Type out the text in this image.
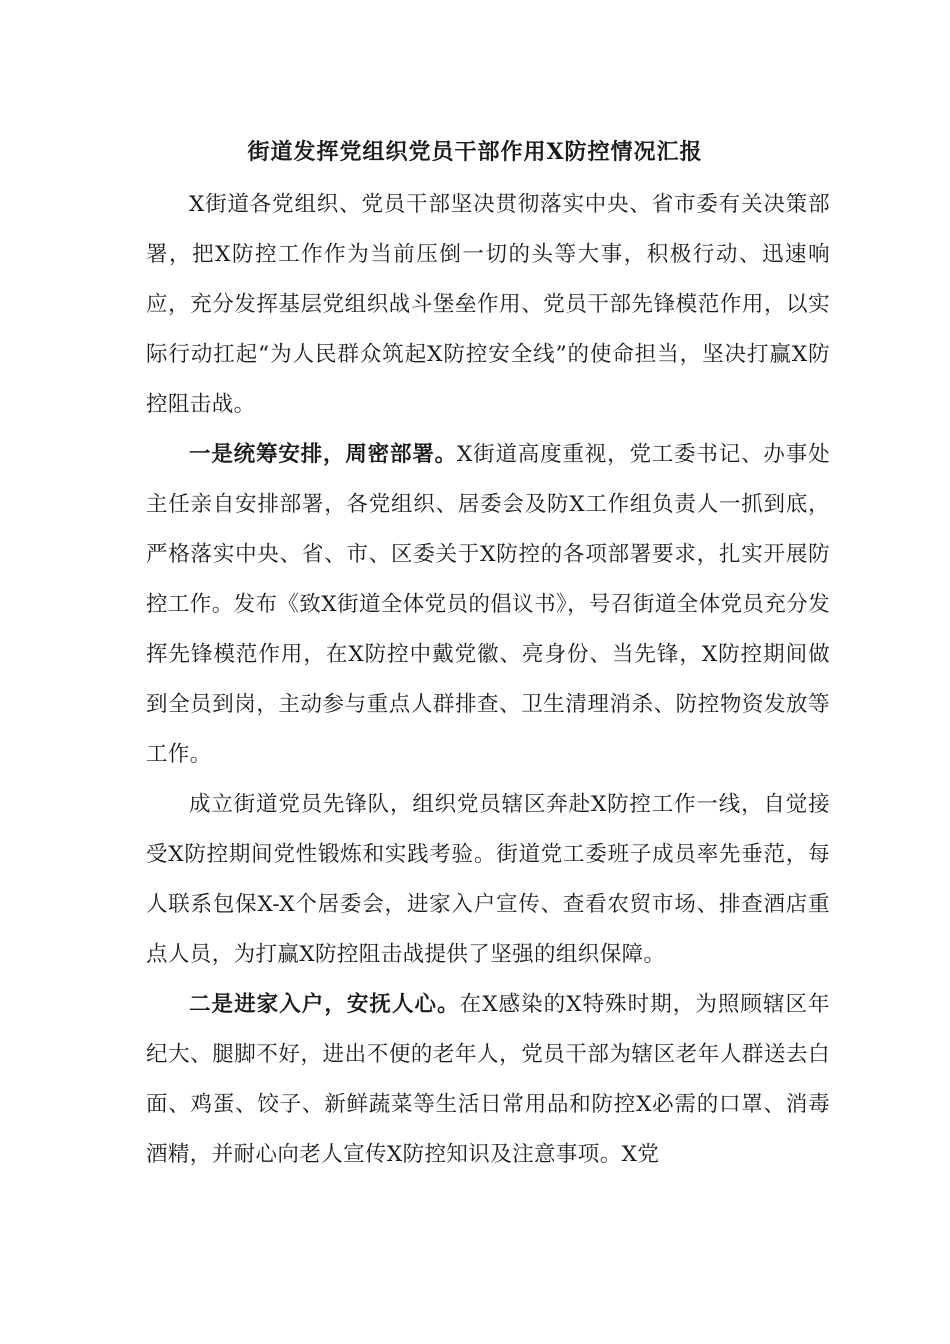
街道发挥党组织党员干部作用X防控情况汇报

X街道各党组织、党员干部坚决贯彻落实中央、省市委有关决策部署，把X防控工作作为当前压倒一切的头等大事，积极行动、迅速响应，充分发挥基层党组织战斗堡垒作用、党员干部先锋模范作用，以实际行动扛起“为人民群众筑起X防控安全线”的使命担当，坚决打赢X防控阻击战。

一是统筹安排，周密部署。X街道高度重视，党工委书记、办事处主任亲自安排部署，各党组织、居委会及防X工作组负责人一抓到底，严格落实中央、省、市、区委关于X防控的各项部署要求，扎实开展防控工作。发布《致X街道全体党员的倡议书》，号召街道全体党员充分发挥先锋模范作用，在X防控中戴党徽、亮身份、当先锋，X防控期间做到全员到岗，主动参与重点人群排查、卫生清理消杀、防控物资发放等工作。

成立街道党员先锋队，组织党员辖区奔赴X防控工作一线，自觉接受X防控期间党性锻炼和实践考验。街道党工委班子成员率先垂范，每人联系包保X-X个居委会，进家入户宣传、查看农贸市场、排查酒店重点人员，为打赢X防控阻击战提供了坚强的组织保障。

二是进家入户，安抚人心。在X感染的X特殊时期，为照顾辖区年纪大、腿脚不好，进出不便的老年人，党员干部为辖区老年人群送去白面、鸡蛋、饺子、新鲜蔬菜等生活日常用品和防控X必需的口罩、消毒酒精，并耐心向老人宣传X防控知识及注意事项。X党
